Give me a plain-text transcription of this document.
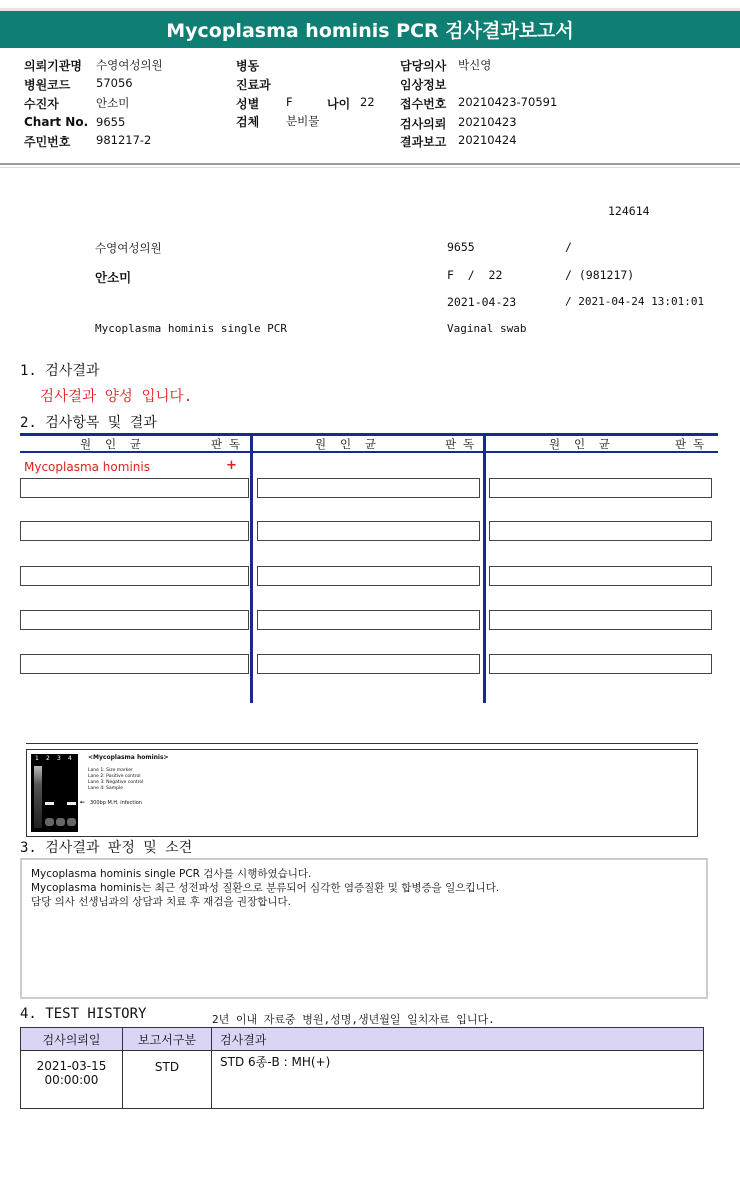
Mycoplasma hominis PCR 검사결과보고서
의뢰기관명 수영여성의원
병원코드 57056
수진자	안소미
Chart No. 9655
주민번호 981217-2
병동
진료과
성별 F	나이 22
검체 분비물
담당의사 박신영
임상정보
접수번호 20210423-70591
검사의뢰 20210423
결과보고 20210424
124614
수영여성의원	9655	/
안소미	F  /  22	/ (981217)
2021-04-23	/ 2021-04-24 13:01:01
Mycoplasma hominis single PCR	Vaginal swab
1. 검사결과
검사결과 양성 입니다.
2. 검사항목 및 결과
원  인  균	판 독	원  인  균	판 독	원  인  균	판 독
Mycoplasma hominis	+
1 2 3 4	<Mycoplasma hominis>
Lane 1: Size marker
Lane 2: Positive control
Lane 3: Negative control
Lane 4: Sample
← 300bp M.H. infection
3. 검사결과 판정 및 소견
Mycoplasma hominis single PCR 검사를 시행하였습니다.
Mycoplasma hominis는 최근 성전파성 질환으로 분류되어 심각한 염증질환 및 합병증을 일으킵니다.
담당 의사 선생님과의 상담과 치료 후 재검을 권장합니다.
4. TEST HISTORY	2년 이내 자료중 병원,성명,생년월일 일치자료 입니다.
검사의뢰일	보고서구분	검사결과

2021-03-15
00:00:00	STD	STD 6종-B : MH(+)
